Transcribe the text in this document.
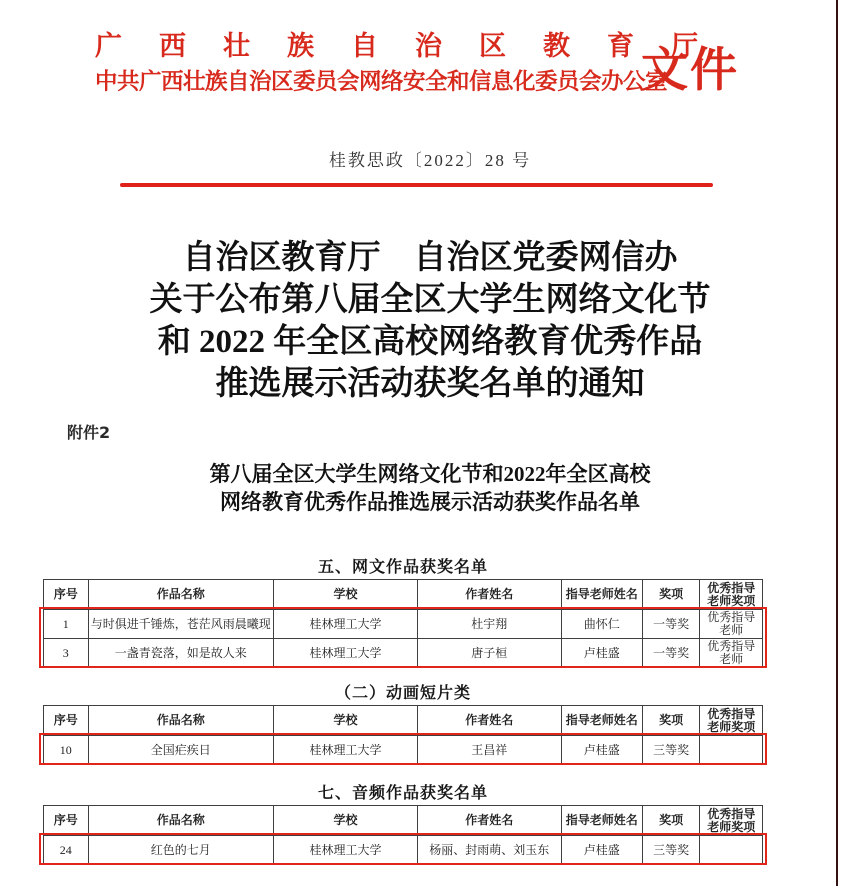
广西壮族自治区教育厅
中共广西壮族自治区委员会网络安全和信息化委员会办公室
文件
桂教思政〔2022〕28 号
自治区教育厅　自治区党委网信办
关于公布第八届全区大学生网络文化节
和 2022 年全区高校网络教育优秀作品
推选展示活动获奖名单的通知
附件2
第八届全区大学生网络文化节和2022年全区高校
网络教育优秀作品推选展示活动获奖作品名单
五、网文作品获奖名单
序号	作品名称	学校	作者姓名	指导老师姓名	奖项	优秀指导老师奖项
1	与时俱进千锤炼，苍茫风雨晨曦现	桂林理工大学	杜宇翔	曲怀仁	一等奖	优秀指导老师
3	一盏青瓷落，如是故人来	桂林理工大学	唐子桓	卢桂盛	一等奖	优秀指导老师
（二）动画短片类
序号	作品名称	学校	作者姓名	指导老师姓名	奖项	优秀指导老师奖项
10	全国疟疾日	桂林理工大学	王昌祥	卢桂盛	三等奖	
七、音频作品获奖名单
序号	作品名称	学校	作者姓名	指导老师姓名	奖项	优秀指导老师奖项
24	红色的七月	桂林理工大学	杨丽、封雨萌、刘玉东	卢桂盛	三等奖	
